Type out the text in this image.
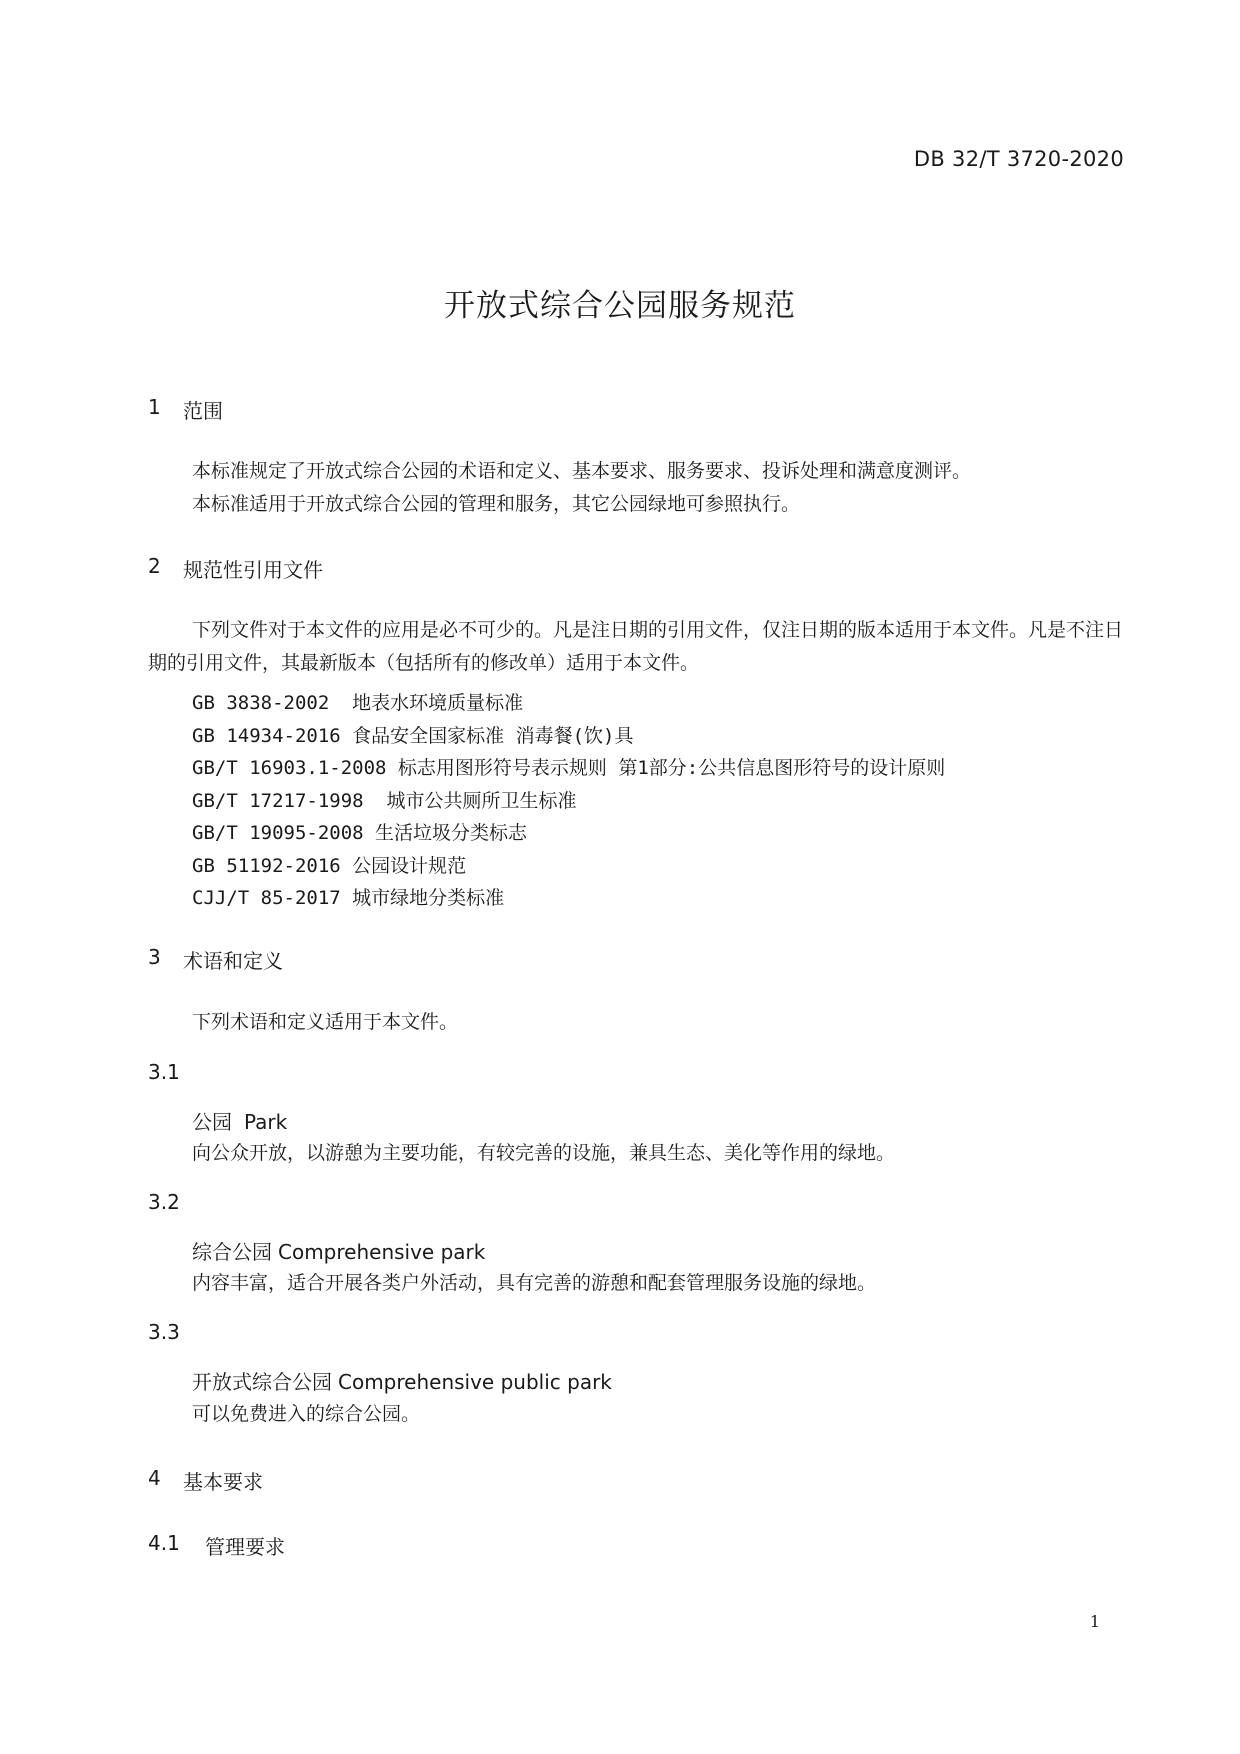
DB 32/T 3720-2020
开放式综合公园服务规范
1	范围
本标准规定了开放式综合公园的术语和定义、基本要求、服务要求、投诉处理和满意度测评。
本标准适用于开放式综合公园的管理和服务，其它公园绿地可参照执行。
2	规范性引用文件
下列文件对于本文件的应用是必不可少的。凡是注日期的引用文件，仅注日期的版本适用于本文件。凡是不注日期的引用文件，其最新版本（包括所有的修改单）适用于本文件。
GB 3838-2002  地表水环境质量标准
GB 14934-2016 食品安全国家标准 消毒餐(饮)具
GB/T 16903.1-2008 标志用图形符号表示规则 第1部分:公共信息图形符号的设计原则
GB/T 17217-1998  城市公共厕所卫生标准
GB/T 19095-2008 生活垃圾分类标志
GB 51192-2016 公园设计规范
CJJ/T 85-2017 城市绿地分类标准
3	术语和定义
下列术语和定义适用于本文件。
3.1
公园 Park
向公众开放，以游憩为主要功能，有较完善的设施，兼具生态、美化等作用的绿地。
3.2
综合公园 Comprehensive park
内容丰富，适合开展各类户外活动，具有完善的游憩和配套管理服务设施的绿地。
3.3
开放式综合公园 Comprehensive public park
可以免费进入的综合公园。
4	基本要求
4.1	管理要求
1
